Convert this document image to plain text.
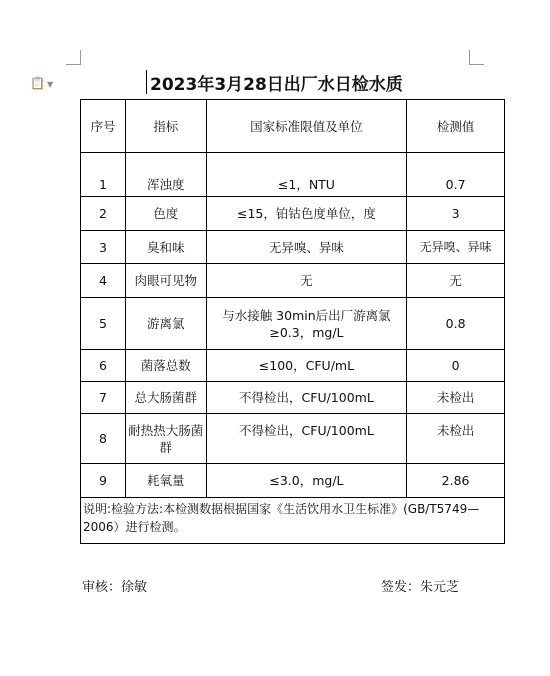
📋 ▼	2023年3月28日出厂水日检水质
序号	指标	国家标准限值及单位	检测值
1	浑浊度	≤1，NTU	0.7
2	色度	≤15，铂钴色度单位，度	3
3	臭和味	无异嗅、异味	无异嗅、异味
4	肉眼可见物	无	无
5	游离氯	与水接触 30min后出厂游离氯≥0.3，mg/L	0.8
6	菌落总数	≤100，CFU/mL	0
7	总大肠菌群	不得检出，CFU/100mL	未检出
8	耐热热大肠菌群	不得检出，CFU/100mL	未检出
9	耗氧量	≤3.0，mg/L	2.86
说明:检验方法:本检测数据根据国家《生活饮用水卫生标准》(GB/T5749—2006）进行检测。			
审核：徐敏	签发：朱元芝
